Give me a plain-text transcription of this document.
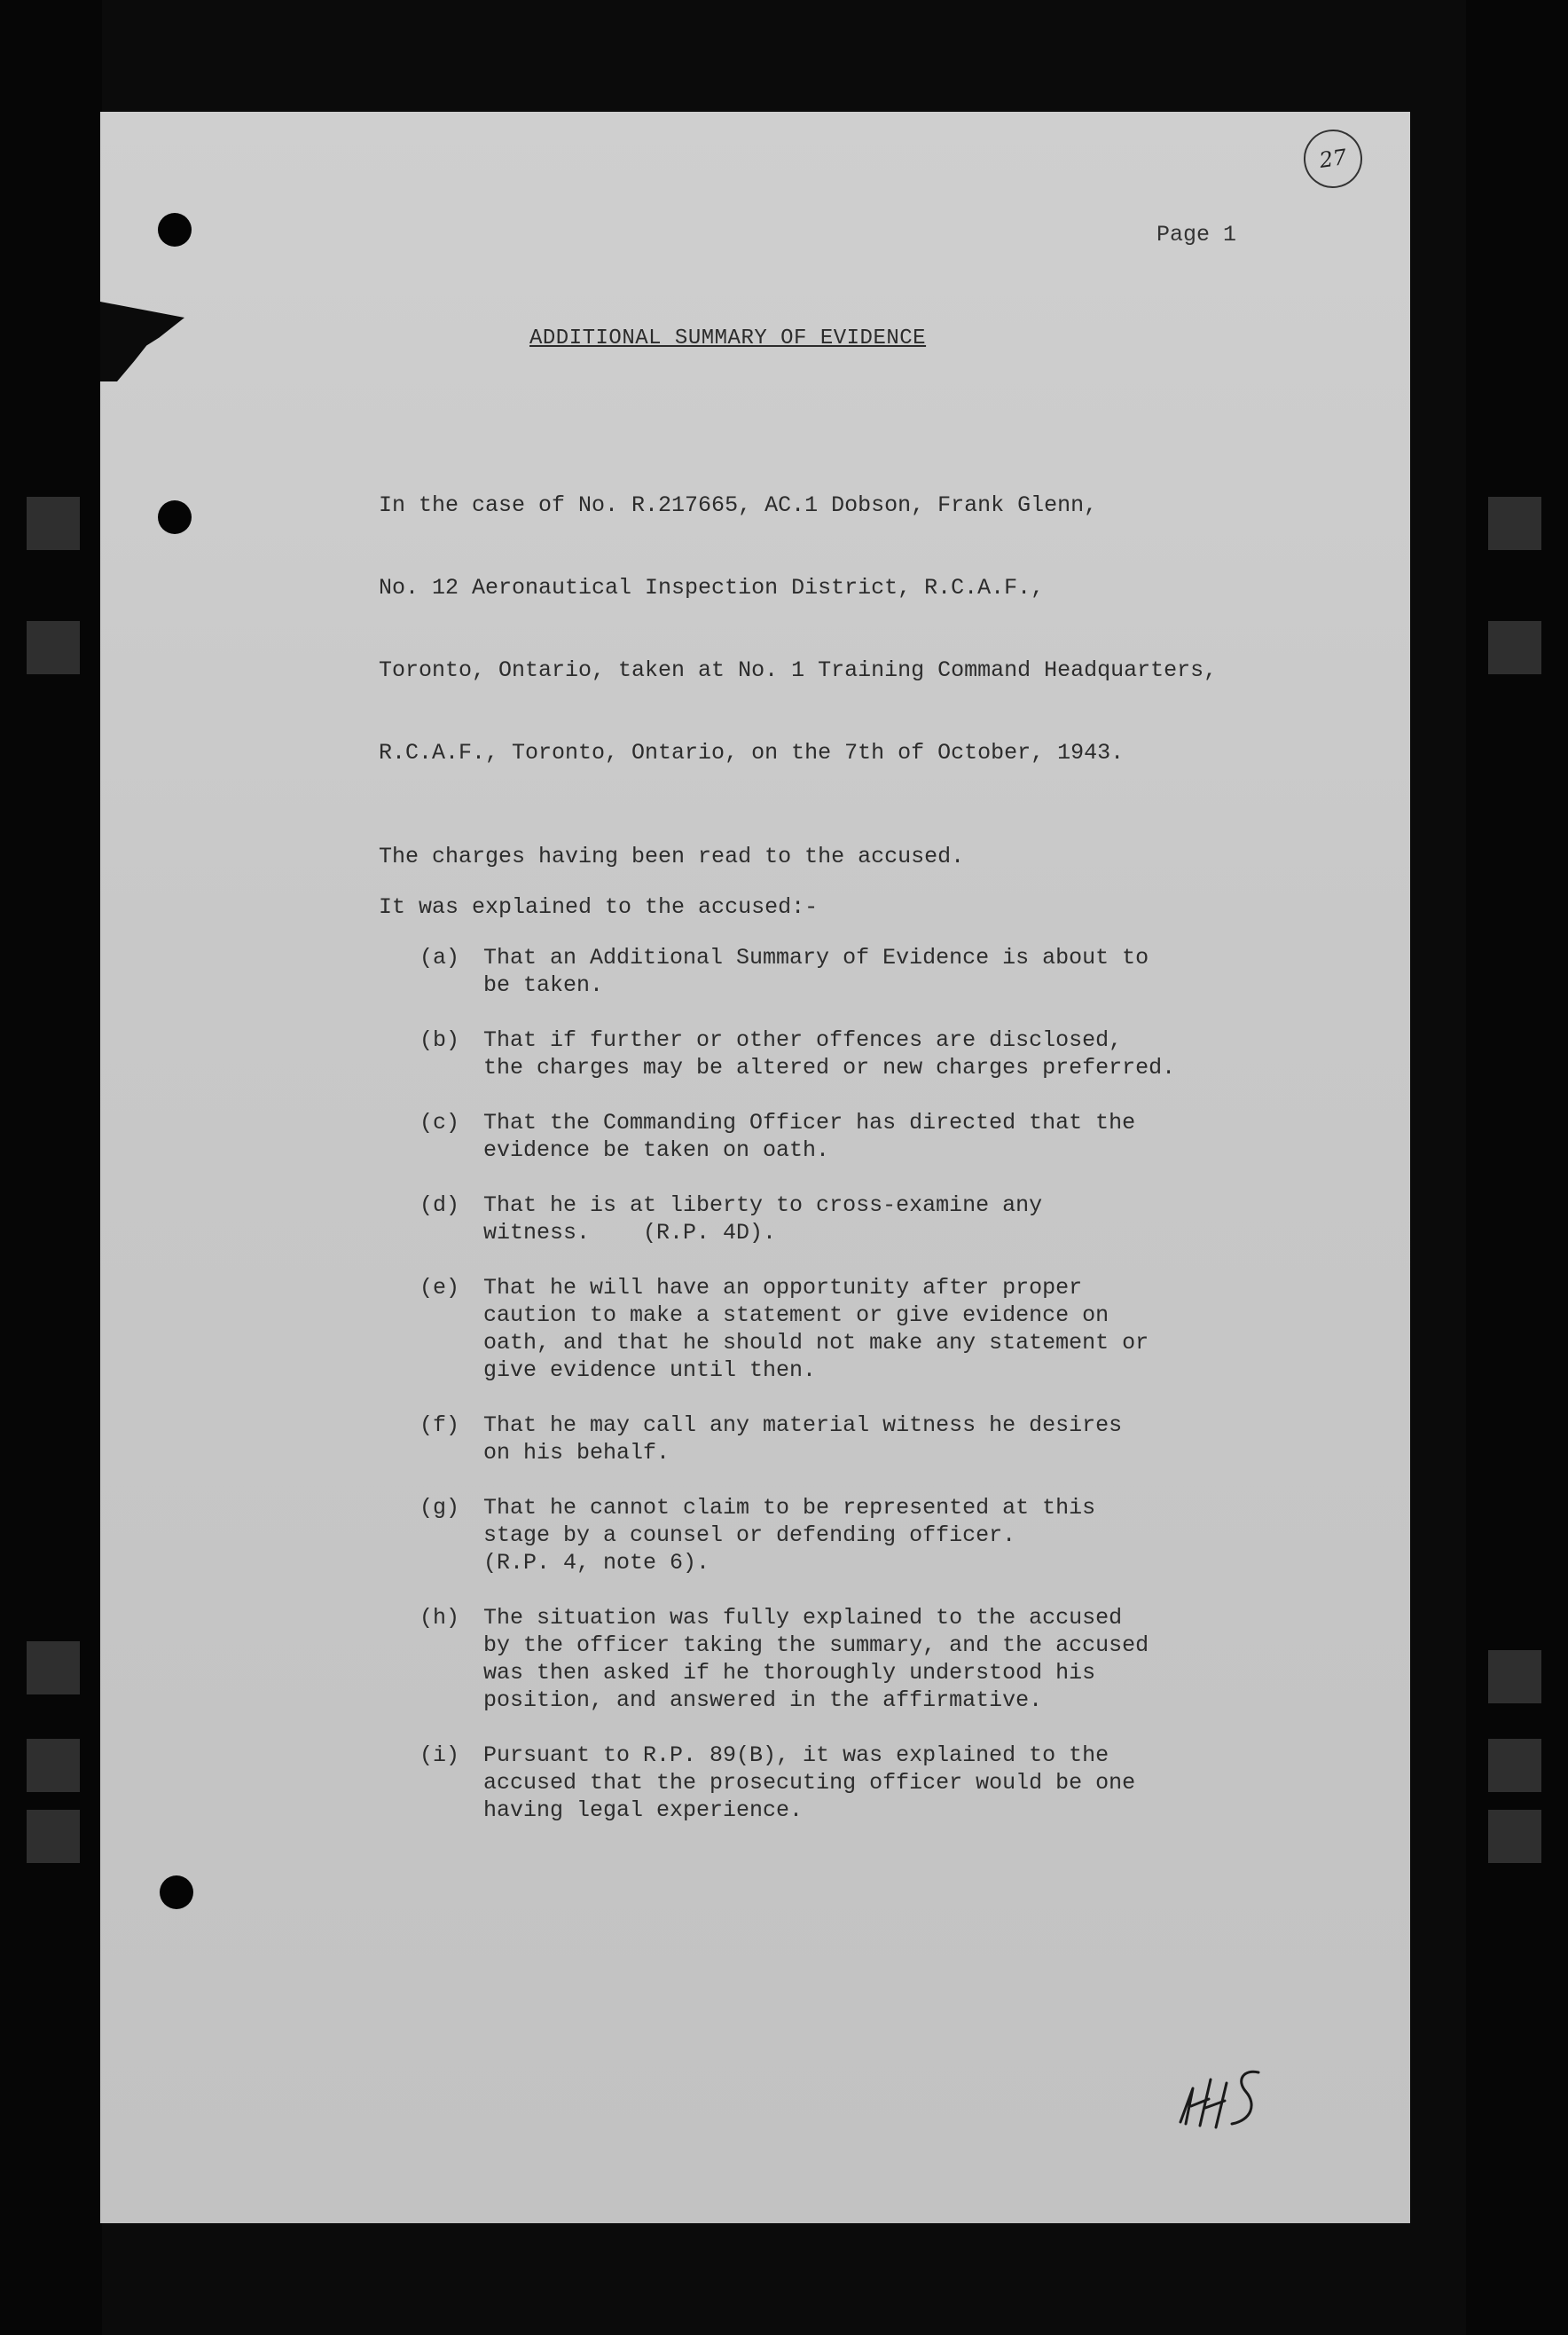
27
Page 1
ADDITIONAL SUMMARY OF EVIDENCE

In the case of No. R.217665, AC.1 Dobson, Frank Glenn,

No. 12 Aeronautical Inspection District, R.C.A.F.,

Toronto, Ontario, taken at No. 1 Training Command Headquarters,

R.C.A.F., Toronto, Ontario, on the 7th of October, 1943.

The charges having been read to the accused.
It was explained to the accused:-
(a)	That an Additional Summary of Evidence is about to
be taken.
(b)	That if further or other offences are disclosed,
the charges may be altered or new charges preferred.
(c)	That the Commanding Officer has directed that the
evidence be taken on oath.
(d)	That he is at liberty to cross-examine any
witness.    (R.P. 4D).
(e)	That he will have an opportunity after proper
caution to make a statement or give evidence on
oath, and that he should not make any statement or
give evidence until then.
(f)	That he may call any material witness he desires
on his behalf.
(g)	That he cannot claim to be represented at this
stage by a counsel or defending officer.
(R.P. 4, note 6).
(h)	The situation was fully explained to the accused
by the officer taking the summary, and the accused
was then asked if he thoroughly understood his
position, and answered in the affirmative.
(i)	Pursuant to R.P. 89(B), it was explained to the
accused that the prosecuting officer would be one
having legal experience.
